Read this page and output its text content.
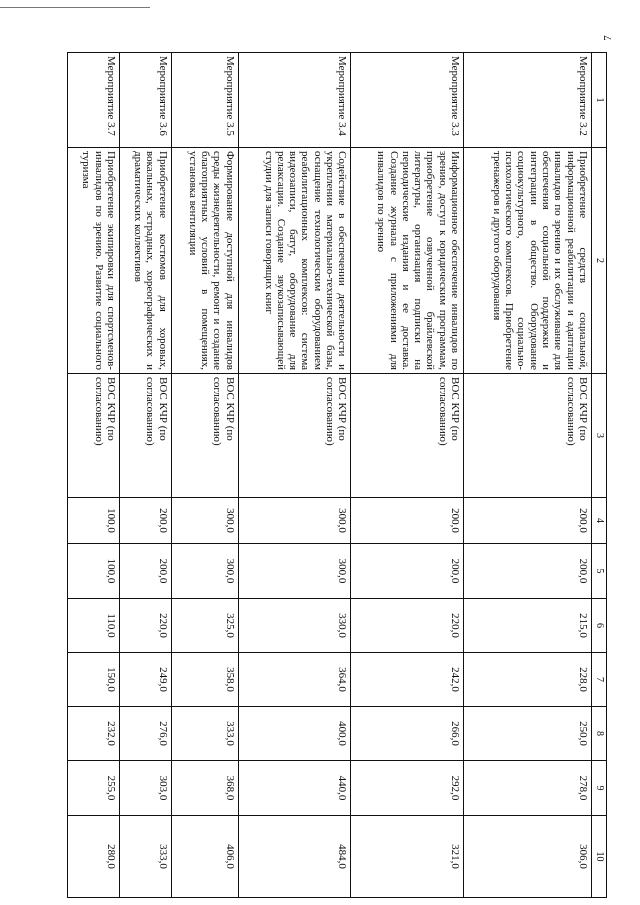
7
1	2	3	4	5	6	7	8	9	10
Мероприятие 3.2	Приобретение средств социальной, информационной реабилитации и адаптации инвалидов по зрению и их обслуживание для обеспечения социальной поддержки и интеграции в общество. Оборудование социокультурного, социально-психологического комплексов. Приобретение тренажеров и другого оборудования	ВОС КЧР (по согласованию)	200,0	200,0	215,0	228,0	250,0	278,0	306,0
Мероприятие 3.3	Информационное обеспечение инвалидов по зрению, доступ к юридическим программам, приобретение озвученной брайлевской литературы, организация подписки на периодические издания и ее доставка. Создание журнала с приложениями для инвалидов по зрению	ВОС КЧР (по согласованию)	200,0	200,0	220,0	242,0	266,0	292,0	321,0
Мероприятие 3.4	Содействие в обеспечении деятельности и укреплении материально-технической базы, оснащение технологическим оборудованием реабилитационных комплексов: система видеозаписи, батут, оборудование для релаксации. Создание звукозаписывающей студии для записи говорящих книг	ВОС КЧР (по согласованию)	300,0	300,0	330,0	364,0	400,0	440,0	484,0
Мероприятие 3.5	Формирование доступной для инвалидов среды жизнедеятельности, ремонт и создание благоприятных условий в помещениях, установка вентиляции	ВОС КЧР (по согласованию)	300,0	300,0	325,0	358,0	333,0	368,0	406,0
Мероприятие 3.6	Приобретение костюмов для хоровых, вокальных, эстрадных, хореографических и драматических коллективов	ВОС КЧР (по согласованию)	200,0	200,0	220,0	249,0	276,0	303,0	333,0
Мероприятие 3.7	Приобретение экипировки для спортсменов-инвалидов по зрению. Развитие социального туризма	ВОС КЧР (по согласованию)	100,0	100,0	110,0	150,0	232,0	255,0	280,0
